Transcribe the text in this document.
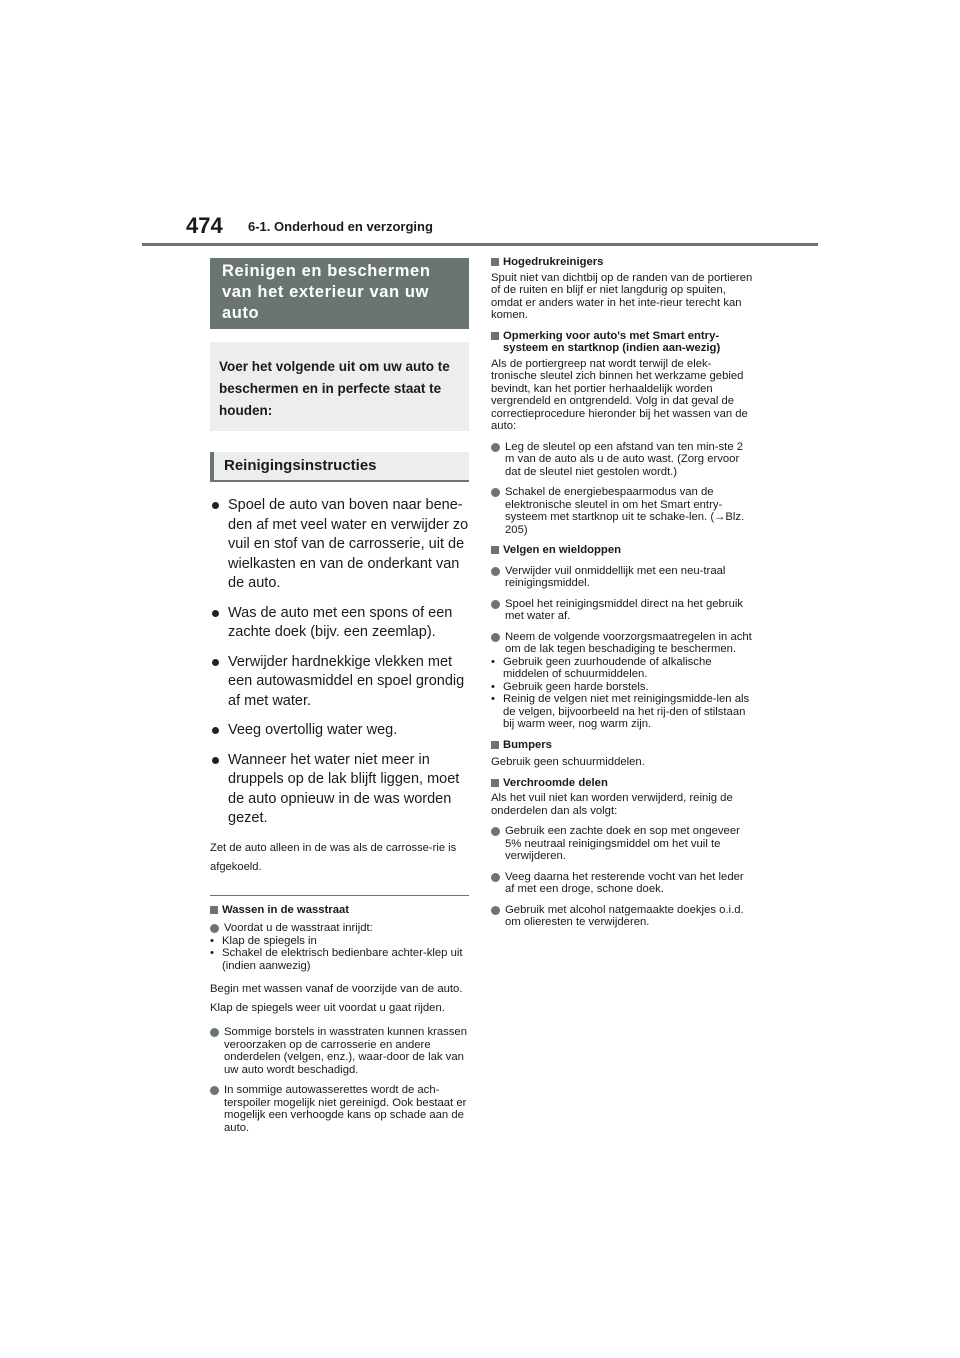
474 6-1. Onderhoud en verzorging
Reinigen en beschermen van het exterieur van uw auto
Voer het volgende uit om uw auto te beschermen en in perfecte staat te houden:
Reinigingsinstructies
Spoel de auto van boven naar bene-den af met veel water en verwijder zo vuil en stof van de carrosserie, uit de wielkasten en van de onderkant van de auto.
Was de auto met een spons of een zachte doek (bijv. een zeemlap).
Verwijder hardnekkige vlekken met een autowasmiddel en spoel grondig af met water.
Veeg overtollig water weg.
Wanneer het water niet meer in druppels op de lak blijft liggen, moet de auto opnieuw in de was worden gezet.
Zet de auto alleen in de was als de carrosse-rie is afgekoeld.
Wassen in de wasstraat
Voordat u de wasstraat inrijdt:
• Klap de spiegels in
• Schakel de elektrisch bedienbare achter-klep uit (indien aanwezig)
Begin met wassen vanaf de voorzijde van de auto. Klap de spiegels weer uit voordat u gaat rijden.
Sommige borstels in wasstraten kunnen krassen veroorzaken op de carrosserie en andere onderdelen (velgen, enz.), waar-door de lak van uw auto wordt beschadigd.
In sommige autowasserettes wordt de ach-terspoiler mogelijk niet gereinigd. Ook bestaat er mogelijk een verhoogde kans op schade aan de auto.
Hogedrukreinigers
Spuit niet van dichtbij op de randen van de portieren of de ruiten en blijf er niet langdurig op spuiten, omdat er anders water in het inte-rieur terecht kan komen.
Opmerking voor auto's met Smart entry-systeem en startknop (indien aan-wezig)
Als de portiergreep nat wordt terwijl de elek-tronische sleutel zich binnen het werkzame gebied bevindt, kan het portier herhaaldelijk worden vergrendeld en ontgrendeld. Volg in dat geval de correctieprocedure hieronder bij het wassen van de auto:
Leg de sleutel op een afstand van ten min-ste 2 m van de auto als u de auto wast. (Zorg ervoor dat de sleutel niet gestolen wordt.)
Schakel de energiebespaarmodus van de elektronische sleutel in om het Smart entry-systeem met startknop uit te schake-len. (→Blz. 205)
Velgen en wieldoppen
Verwijder vuil onmiddellijk met een neu-traal reinigingsmiddel.
Spoel het reinigingsmiddel direct na het gebruik met water af.
Neem de volgende voorzorgsmaatregelen in acht om de lak tegen beschadiging te beschermen.
• Gebruik geen zuurhoudende of alkalische middelen of schuurmiddelen.
• Gebruik geen harde borstels.
• Reinig de velgen niet met reinigingsmidde-len als de velgen, bijvoorbeeld na het rij-den of stilstaan bij warm weer, nog warm zijn.
Bumpers
Gebruik geen schuurmiddelen.
Verchroomde delen
Als het vuil niet kan worden verwijderd, reinig de onderdelen dan als volgt:
Gebruik een zachte doek en sop met ongeveer 5% neutraal reinigingsmiddel om het vuil te verwijderen.
Veeg daarna het resterende vocht van het leder af met een droge, schone doek.
Gebruik met alcohol natgemaakte doekjes o.i.d. om olieresten te verwijderen.
